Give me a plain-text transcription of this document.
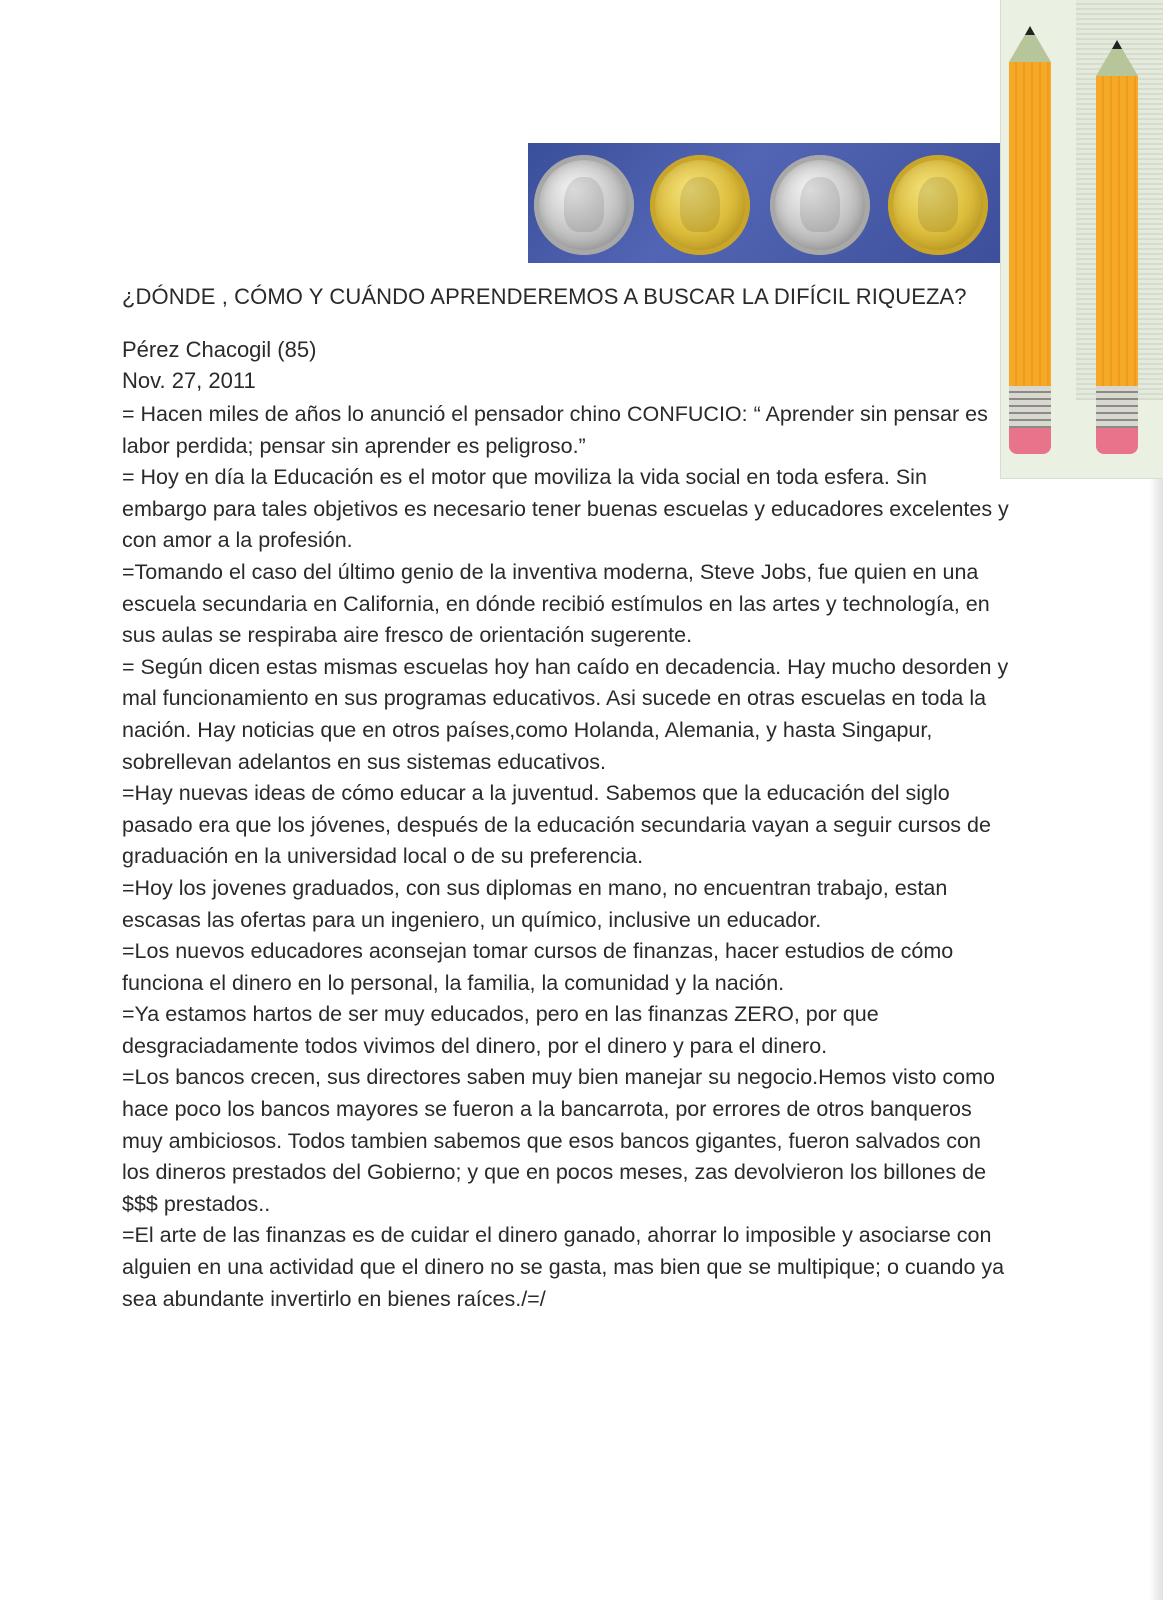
¿DÓNDE , CÓMO Y CUÁNDO APRENDEREMOS A BUSCAR LA DIFÍCIL RIQUEZA?

Pérez Chacogil (85)

Nov. 27, 2011

= Hacen miles de años lo anunció el pensador chino CONFUCIO: “ Aprender sin pensar es labor perdida; pensar sin aprender es peligroso.”

= Hoy en día la Educación es el motor que moviliza la vida social en toda esfera. Sin embargo para tales objetivos es necesario tener buenas escuelas y educadores excelentes y con amor a la profesión.

=Tomando el caso del último genio de la inventiva moderna, Steve Jobs, fue quien en una escuela secundaria en California, en dónde recibió estímulos en las artes y technología, en sus aulas se respiraba aire fresco de orientación sugerente.

= Según dicen estas mismas escuelas hoy han caído en decadencia. Hay mucho desorden y mal funcionamiento en sus programas educativos. Asi sucede en otras escuelas en toda la nación. Hay noticias que en otros países,como Holanda, Alemania, y hasta Singapur, sobrellevan adelantos en sus sistemas educativos.

=Hay nuevas ideas de cómo educar a la juventud. Sabemos que la educación del siglo pasado era que los jóvenes, después de la educación secundaria vayan a seguir cursos de graduación en la universidad local o de su preferencia.

=Hoy los jovenes graduados, con sus diplomas en mano, no encuentran trabajo, estan escasas las ofertas para un ingeniero, un químico, inclusive un educador.

=Los nuevos educadores aconsejan tomar cursos de finanzas, hacer estudios de cómo funciona el dinero en lo personal, la familia, la comunidad y la nación.

=Ya estamos hartos de ser muy educados, pero en las finanzas ZERO, por que desgraciadamente todos vivimos del dinero, por el dinero y para el dinero.

=Los bancos crecen, sus directores saben muy bien manejar su negocio.Hemos visto como hace poco los bancos mayores se fueron a la bancarrota, por errores de otros banqueros muy ambiciosos. Todos tambien sabemos que esos bancos gigantes, fueron salvados con los dineros prestados del Gobierno; y que en pocos meses, zas devolvieron los billones de $$$ prestados..

=El arte de las finanzas es de cuidar el dinero ganado, ahorrar lo imposible y asociarse con alguien en una actividad que el dinero no se gasta, mas bien que se multipique; o cuando ya sea abundante invertirlo en bienes raíces./=/
